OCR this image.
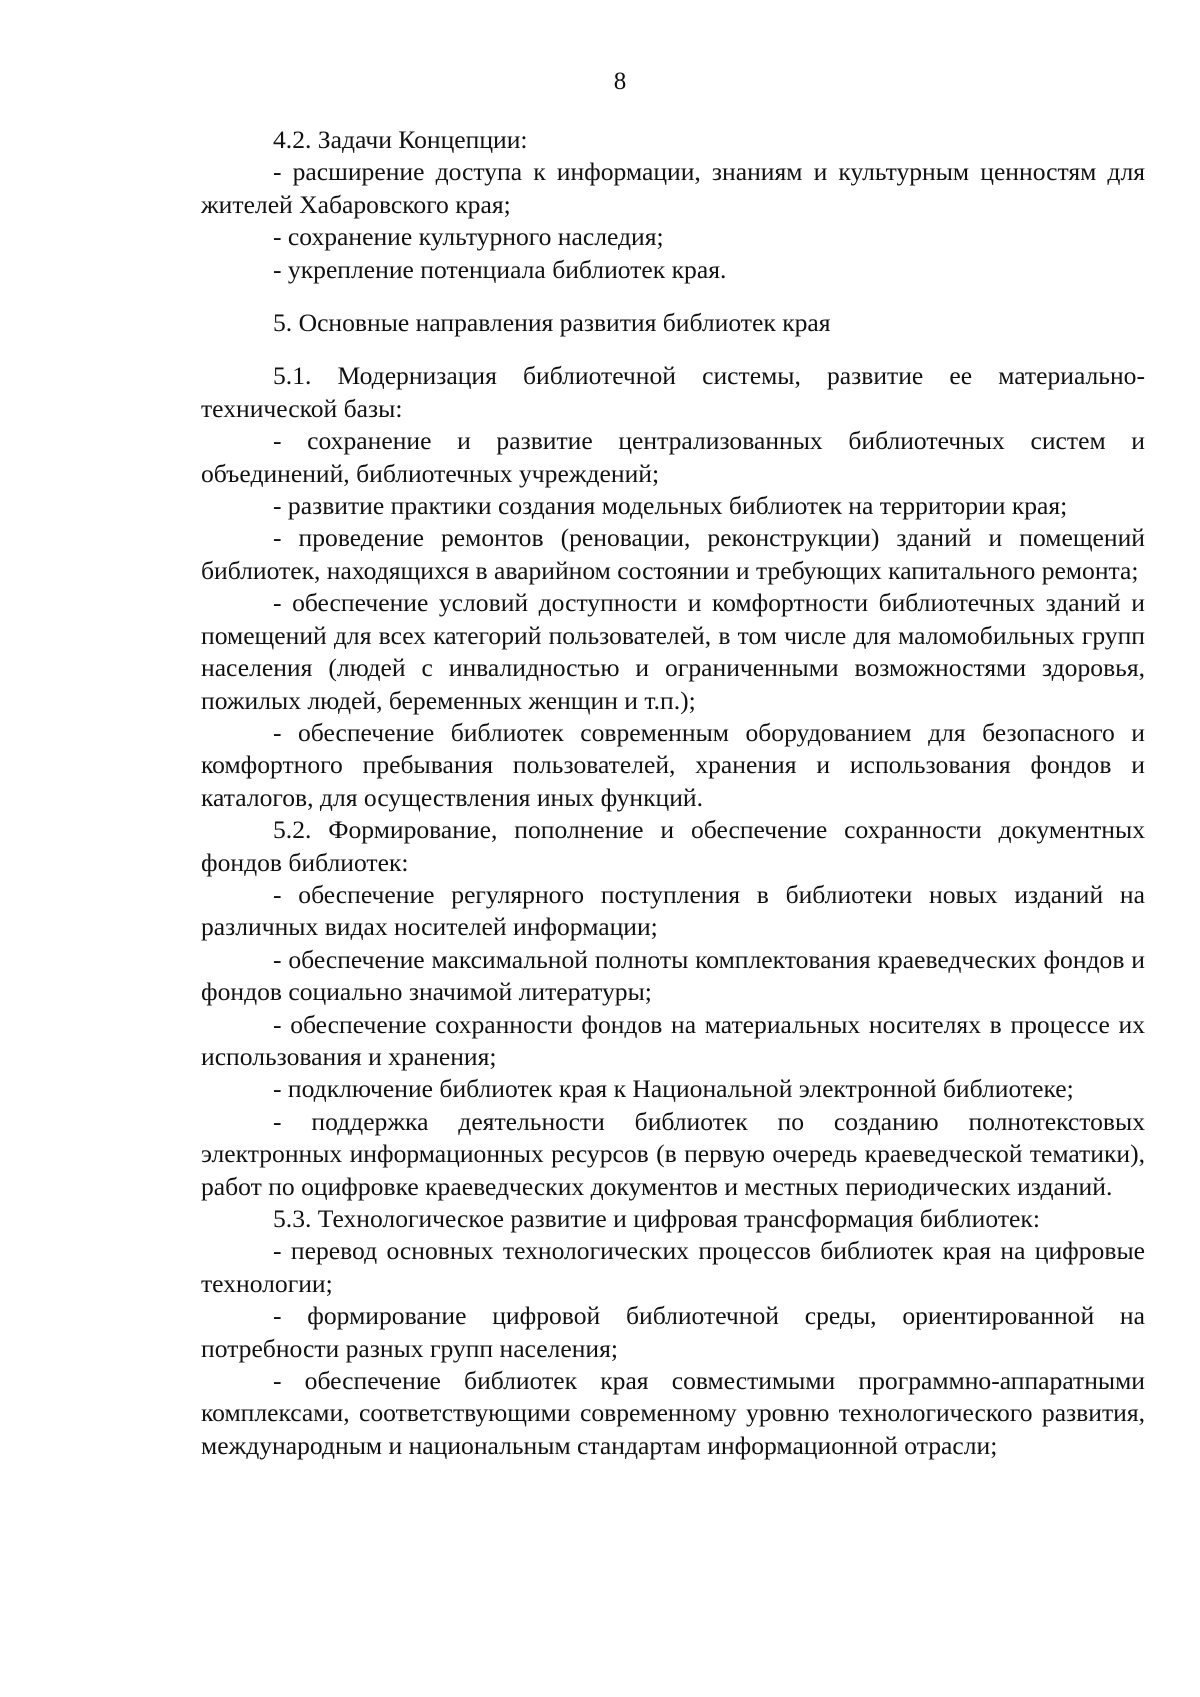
8

4.2. Задачи Концепции:

- расширение доступа к информации, знаниям и культурным ценностям для жителей Хабаровского края;

- сохранение культурного наследия;

- укрепление потенциала библиотек края.

5. Основные направления развития библиотек края

5.1. Модернизация библиотечной системы, развитие ее материально-технической базы:

- сохранение и развитие централизованных библиотечных систем и объединений, библиотечных учреждений;

- развитие практики создания модельных библиотек на территории края;

- проведение ремонтов (реновации, реконструкции) зданий и помещений библиотек, находящихся в аварийном состоянии и требующих капитального ремонта;

- обеспечение условий доступности и комфортности библиотечных зданий и помещений для всех категорий пользователей, в том числе для маломобильных групп населения (людей с инвалидностью и ограниченными возможностями здоровья, пожилых людей, беременных женщин и т.п.);

- обеспечение библиотек современным оборудованием для безопасного и комфортного пребывания пользователей, хранения и использования фондов и каталогов, для осуществления иных функций.

5.2. Формирование, пополнение и обеспечение сохранности документных фондов библиотек:

- обеспечение регулярного поступления в библиотеки новых изданий на различных видах носителей информации;

- обеспечение максимальной полноты комплектования краеведческих фондов и фондов социально значимой литературы;

- обеспечение сохранности фондов на материальных носителях в процессе их использования и хранения;

- подключение библиотек края к Национальной электронной библиотеке;

- поддержка деятельности библиотек по созданию полнотекстовых электронных информационных ресурсов (в первую очередь краеведческой тематики), работ по оцифровке краеведческих документов и местных периодических изданий.

5.3. Технологическое развитие и цифровая трансформация библиотек:

- перевод основных технологических процессов библиотек края на цифровые технологии;

- формирование цифровой библиотечной среды, ориентированной на потребности разных групп населения;

- обеспечение библиотек края совместимыми программно-аппаратными комплексами, соответствующими современному уровню технологического развития, международным и национальным стандартам информационной отрасли;
